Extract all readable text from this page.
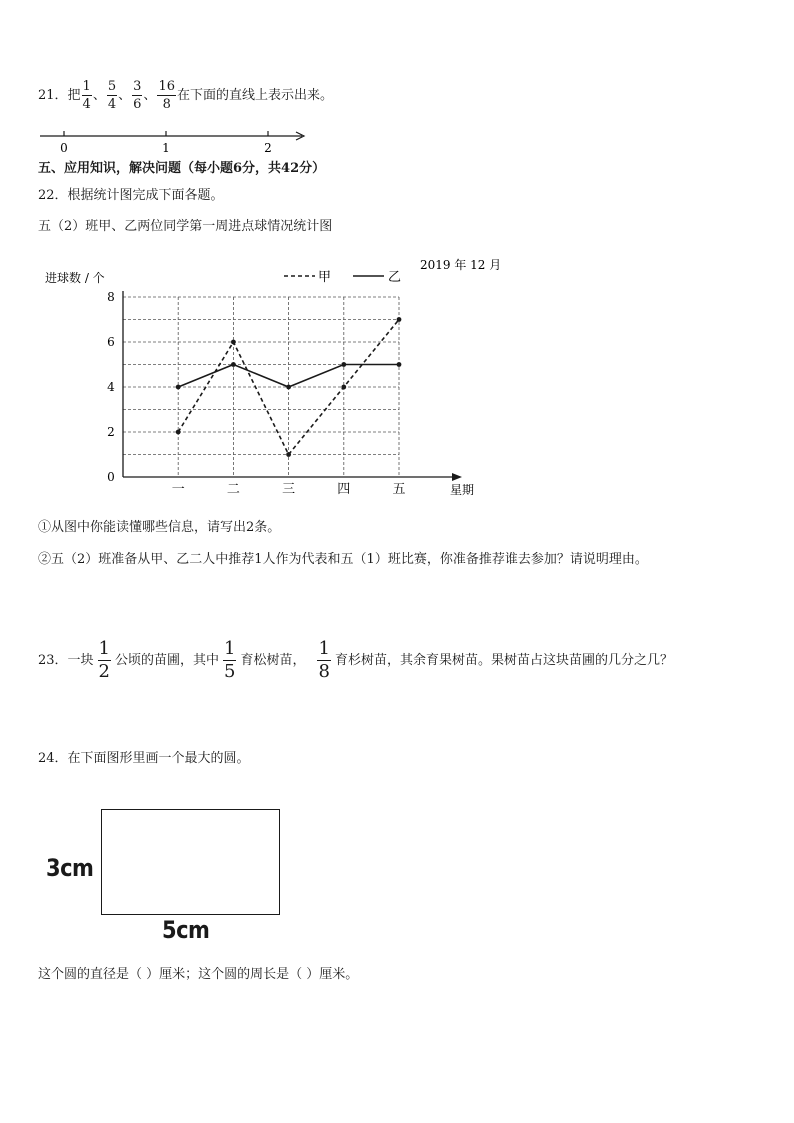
21．把 $\frac{1}{4}$ 、 $\frac{5}{4}$ 、 $\frac{3}{6}$ 、 $\frac{16}{8}$ 在下面的直线上表示出来。
0	1	2
五、应用知识，解决问题（每小题6分，共42分）
22．根据统计图完成下面各题。
五（2）班甲、乙两位同学第一周进点球情况统计图
进球数 / 个
2019 年 12 月
甲	乙
0
2
4
6
8
一	二	三	四	五	星期
①从图中你能读懂哪些信息，请写出2条。
②五（2）班准备从甲、乙二人中推荐1人作为代表和五（1）班比赛，你准备推荐谁去参加？请说明理由。
23．一块 $\frac{1}{2}$ 公顷的苗圃，其中 $\frac{1}{5}$ 育松树苗， $\frac{1}{8}$ 育杉树苗，其余育果树苗。果树苗占这块苗圃的几分之几？
24．在下面图形里画一个最大的圆。
3cm
5cm
这个圆的直径是（ ）厘米；这个圆的周长是（ ）厘米。
